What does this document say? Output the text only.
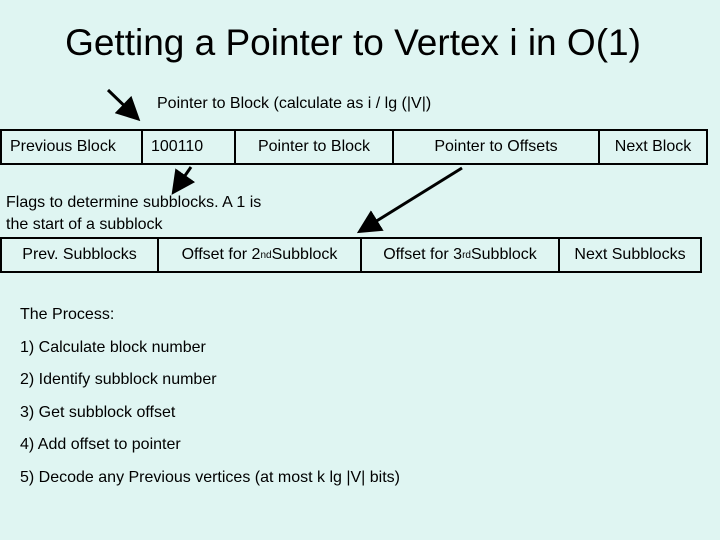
Getting a Pointer to Vertex i in O(1)
Pointer to Block (calculate as i / lg (|V|)
Previous Block	100110	Pointer to Block	Pointer to Offsets	Next Block
Flags to determine subblocks. A 1 is
the start of a subblock
Prev. Subblocks	Offset for 2 nd Subblock	Offset for 3 rd Subblock	Next Subblocks
The Process:
1) Calculate block number
2) Identify subblock number
3) Get subblock offset
4) Add offset to pointer
5) Decode any Previous vertices (at most k lg |V| bits)
